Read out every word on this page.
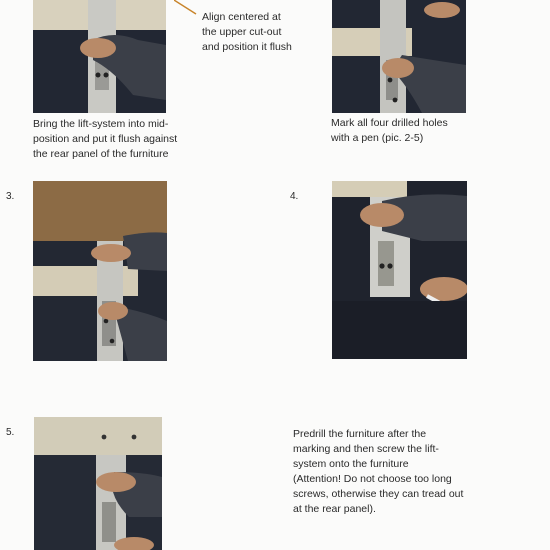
Align centered at
the upper cut-out
and position it flush
Bring the lift-system into mid-
position and put it flush against
the rear panel of the furniture
Mark all four drilled holes
with a pen (pic. 2-5)
3.	4.
5.	Predrill the furniture after the
marking and then screw the lift-
system onto the furniture
(Attention! Do not choose too long
screws, otherwise they can tread out
at the rear panel).
